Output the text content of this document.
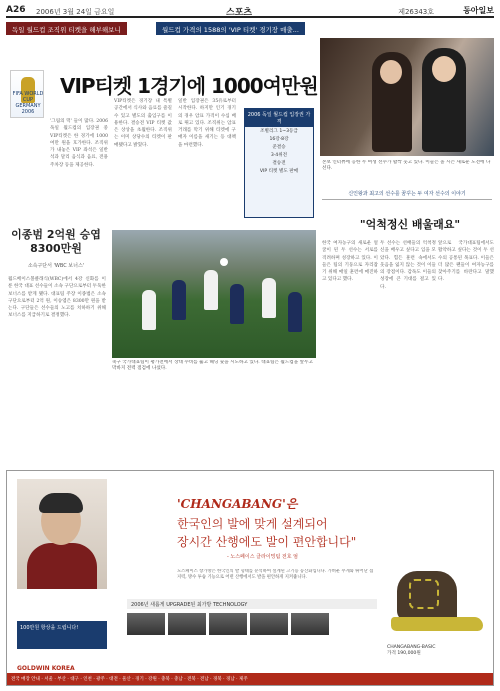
A26 2006년 3월 24일 금요일	스포츠	제26343호	동아일보
독일 월드컵 조직위 티켓을 해부해보니	월드컵 가격의 1588의 'VIP 티켓' 경기장 매출...
FIFA WORLD CUP GERMANY 2006
VIP티켓 1경기에 1000여만원
'그림의 떡' 들이 많다. 2006 독일 월드컵의 입장권 중 VIP티켓은 한 경기에 1000여만 원을 호가한다. 조직위가 내놓은 VIP 좌석은 일반석과 달리 음식과 음료, 전용 주차장 등을 제공한다.
VIP티켓은 경기장 내 특별 공간에서 식사와 음료를 즐길 수 있고 별도의 출입구를 이용한다. 결승전 VIP 티켓 값은 상상을 초월한다. 조직위는 이미 상당수의 티켓이 판매됐다고 밝혔다.
일반 입장권은 35유로부터 시작한다. 하지만 인기 경기의 경우 암표 가격이 수십 배로 뛰고 있다. 조직위는 암표 거래를 막기 위해 티켓에 구매자 이름을 새기는 등 대책을 마련했다.
2006 독일 월드컵 입장권 가격
조별리그 1~3등급
16강·8강
준결승
3·4위전
결승전
VIP 티켓 별도 판매
본보 인터뷰에 응한 두 여성 선수가 활짝 웃고 있다. 이들은 올 시즌 새로운 도전에 나선다.
신인왕과 최고의 선수를 꿈꾸는 두 여자 선수의 이야기
"억척정신 배울래요"
한국 여자농구의 새로운 얼굴이 된 두 선수는 서로를 격려하며 성장하고 있다. 이들은 팀의 기둥으로 자리잡기 위해 매일 훈련에 매진하고 있다고 했다.
두 선수는 선배들의 억척정신을 배우고 싶다고 입을 모았다. 힘든 훈련 속에서도 웃음을 잃지 않는 것이 이들의 장점이다. 감독도 이들의 성장에 큰 기대를 걸고 있다.
앞으로 국가대표팀에서도 활약하고 싶다는 것이 두 선수의 공통된 목표다. 이들은 더 많은 팬들이 여자농구를 찾아주기를 바란다고 말했다.
이종범 2억원 승엽 8300만원
소속구단서 'WBC 보너스'
월드베이스볼클래식(WBC)에서 4강 신화를 이룬 한국 대표 선수들이 소속 구단으로부터 두둑한 보너스를 받게 됐다. 대표팀 주장 이종범은 소속 구단으로부터 2억 원, 이승엽은 8300만 원을 받는다. 구단들은 선수들의 노고를 치하하기 위해 보너스를 지급하기로 결정했다.
축구 국가대표팀이 평가전에서 상대 수비를 뚫고 헤딩 슛을 시도하고 있다. 대표팀은 월드컵을 앞두고 막바지 전력 점검에 나섰다.
'CHANGABANG'은
한국인의 발에 맞게 설계되어
장시간 산행에도 발이 편안합니다"
- 노스페이스 클라이밍팀 전호 엄
노스페이스 창가방은 한국인의 발 형태를 분석하여 설계된 고기능 등산화입니다. 가벼운 무게와 뛰어난 접지력, 방수 투습 기능으로 어떤 산행에서도 발을 편안하게 지켜줍니다.
2006년 새롭게 UPGRADE된 최가방 TECHNOLOGY
100만원 항상을 드립니다!
GOLDWIN KOREA
CHANGABANG-BASIC
가격 190,000원
전국 매장 안내 · 서울 · 부산 · 대구 · 인천 · 광주 · 대전 · 울산 · 경기 · 강원 · 충북 · 충남 · 전북 · 전남 · 경북 · 경남 · 제주
